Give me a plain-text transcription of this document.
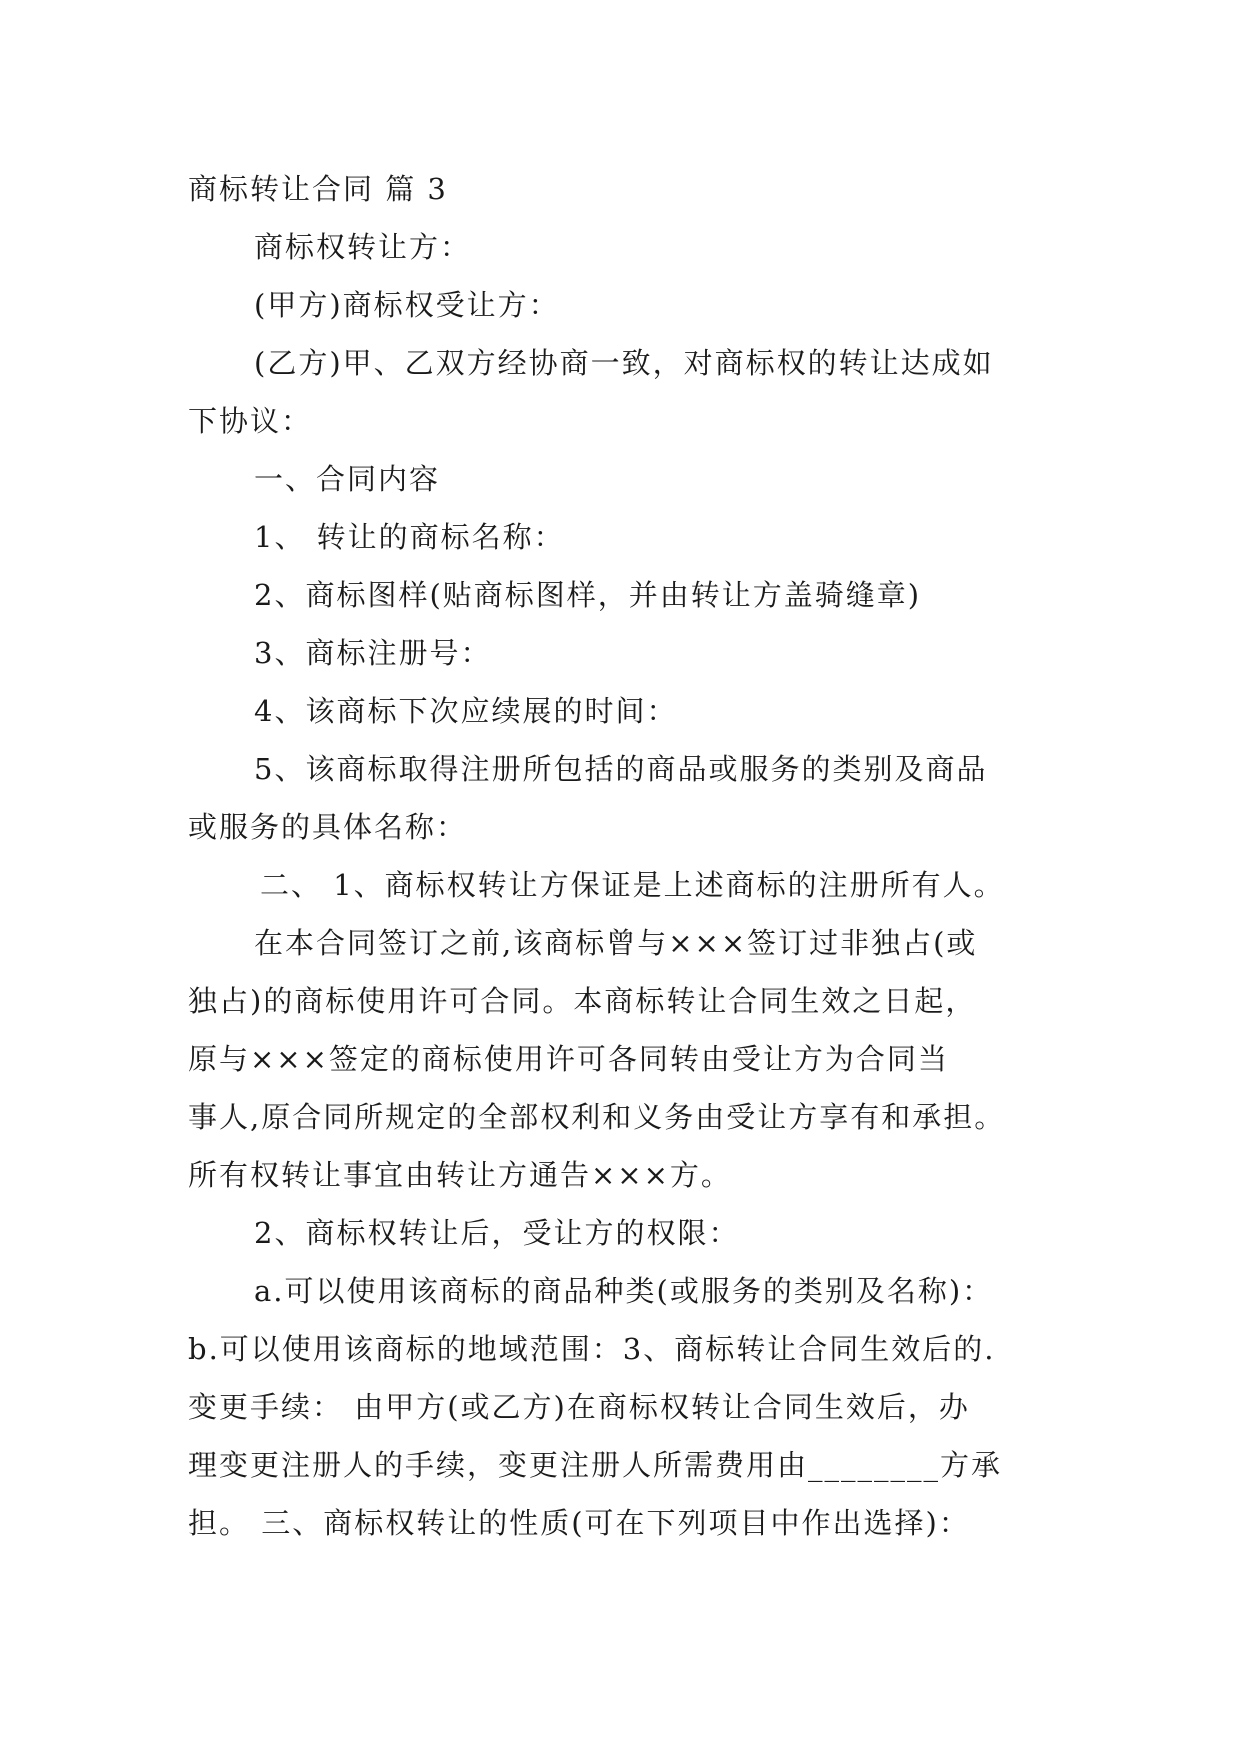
商标转让合同 篇 3
商标权转让方：
(甲方)商标权受让方：
(乙方)甲、乙双方经协商一致，对商标权的转让达成如
下协议：
一、合同内容
1、 转让的商标名称：
2、商标图样(贴商标图样，并由转让方盖骑缝章)
3、商标注册号：
4、该商标下次应续展的时间：
5、该商标取得注册所包括的商品或服务的类别及商品
或服务的具体名称：
二、 1、商标权转让方保证是上述商标的注册所有人。
在本合同签订之前,该商标曾与×××签订过非独占(或
独占)的商标使用许可合同。本商标转让合同生效之日起，
原与×××签定的商标使用许可各同转由受让方为合同当
事人,原合同所规定的全部权利和义务由受让方享有和承担。
所有权转让事宜由转让方通告×××方。
2、商标权转让后，受让方的权限：
a.可以使用该商标的商品种类(或服务的类别及名称)：
b.可以使用该商标的地域范围：3、商标转让合同生效后的.
变更手续： 由甲方(或乙方)在商标权转让合同生效后，办
理变更注册人的手续，变更注册人所需费用由________方承
担。 三、商标权转让的性质(可在下列项目中作出选择)：
